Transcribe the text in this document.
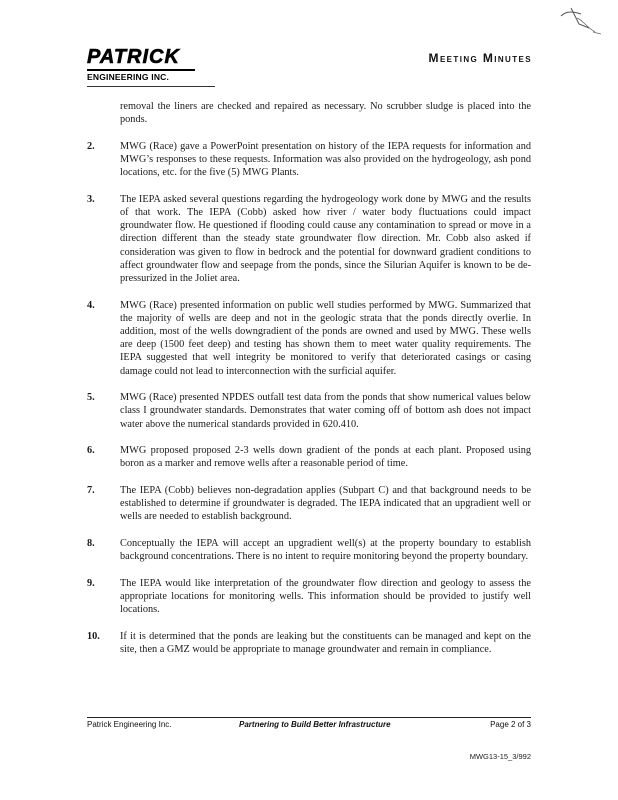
PATRICK
ENGINEERING INC.
Meeting Minutes
removal the liners are checked and repaired as necessary. No scrubber sludge is placed into the ponds.
2.	MWG (Race) gave a PowerPoint presentation on history of the IEPA requests for information and MWG’s responses to these requests. Information was also provided on the hydrogeology, ash pond locations, etc. for the five (5) MWG Plants.
3.	The IEPA asked several questions regarding the hydrogeology work done by MWG and the results of that work. The IEPA (Cobb) asked how river / water body fluctuations could impact groundwater flow. He questioned if flooding could cause any contamination to spread or move in a direction different than the steady state groundwater flow direction. Mr. Cobb also asked if consideration was given to flow in bedrock and the potential for downward gradient conditions to affect groundwater flow and seepage from the ponds, since the Silurian Aquifer is known to be de-pressurized in the Joliet area.
4.	MWG (Race) presented information on public well studies performed by MWG. Summarized that the majority of wells are deep and not in the geologic strata that the ponds directly overlie. In addition, most of the wells downgradient of the ponds are owned and used by MWG. These wells are deep (1500 feet deep) and testing has shown them to meet water quality requirements. The IEPA suggested that well integrity be monitored to verify that deteriorated casings or casing damage could not lead to interconnection with the surficial aquifer.
5.	MWG (Race) presented NPDES outfall test data from the ponds that show numerical values below class I groundwater standards. Demonstrates that water coming off of bottom ash does not impact water above the numerical standards provided in 620.410.
6.	MWG proposed proposed 2-3 wells down gradient of the ponds at each plant. Proposed using boron as a marker and remove wells after a reasonable period of time.
7.	The IEPA (Cobb) believes non-degradation applies (Subpart C) and that background needs to be established to determine if groundwater is degraded. The IEPA indicated that an upgradient well or wells are needed to establish background.
8.	Conceptually the IEPA will accept an upgradient well(s) at the property boundary to establish background concentrations. There is no intent to require monitoring beyond the property boundary.
9.	The IEPA would like interpretation of the groundwater flow direction and geology to assess the appropriate locations for monitoring wells. This information should be provided to justify well locations.
10.	If it is determined that the ponds are leaking but the constituents can be managed and kept on the site, then a GMZ would be appropriate to manage groundwater and remain in compliance.
Patrick Engineering Inc.	Partnering to Build Better Infrastructure	Page 2 of 3
MWG13-15_3/992
